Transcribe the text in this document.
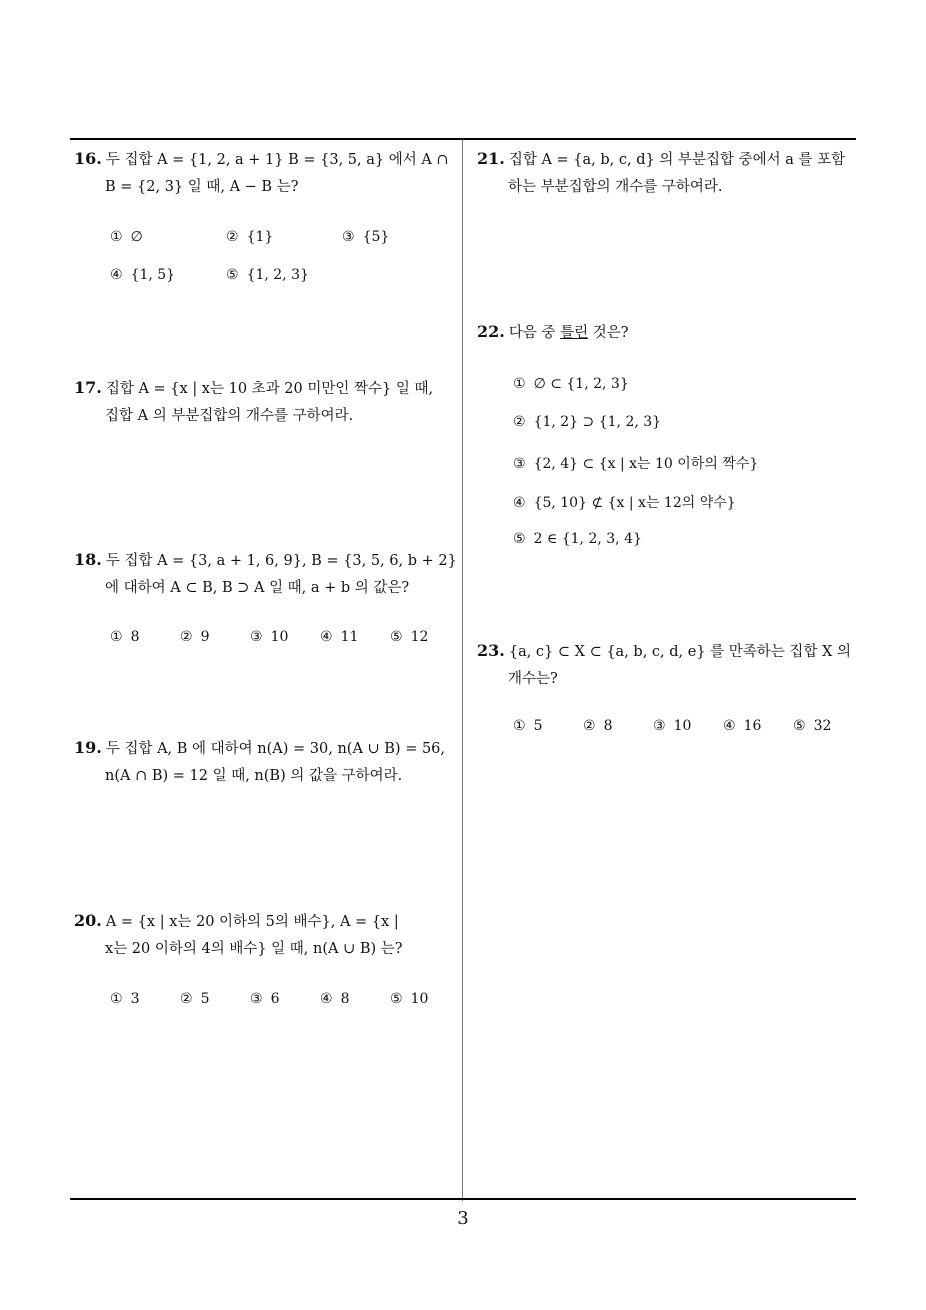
16. 두 집합 A = {1, 2, a + 1} B = {3, 5, a} 에서 A ∩
B = {2, 3} 일 때, A − B 는?
① ∅	② {1}	③ {5}
④ {1, 5}	⑤ {1, 2, 3}
17. 집합 A = {x | x는 10 초과 20 미만인 짝수} 일 때,
집합 A 의 부분집합의 개수를 구하여라.
18. 두 집합 A = {3, a + 1, 6, 9}, B = {3, 5, 6, b + 2}
에 대하여 A ⊂ B, B ⊃ A 일 때, a + b 의 값은?
① 8	② 9	③ 10 ④ 11 ⑤ 12
19. 두 집합 A, B 에 대하여 n(A) = 30, n(A ∪ B) = 56,
n(A ∩ B) = 12 일 때, n(B) 의 값을 구하여라.
20. A = {x | x는 20 이하의 5의 배수}, A = {x |
x는 20 이하의 4의 배수} 일 때, n(A ∪ B) 는?
① 3	② 5	③ 6	④ 8	⑤ 10
21. 집합 A = {a, b, c, d} 의 부분집합 중에서 a 를 포함
하는 부분집합의 개수를 구하여라.
22. 다음 중 틀린 것은?
① ∅ ⊂ {1, 2, 3}
② {1, 2} ⊃ {1, 2, 3}
③ {2, 4} ⊂ {x | x는 10 이하의 짝수}
④ {5, 10} ⊄ {x | x는 12의 약수}
⑤ 2 ∈ {1, 2, 3, 4}
23. {a, c} ⊂ X ⊂ {a, b, c, d, e} 를 만족하는 집합 X 의
개수는?
① 5	② 8	③ 10 ④ 16 ⑤ 32
3
